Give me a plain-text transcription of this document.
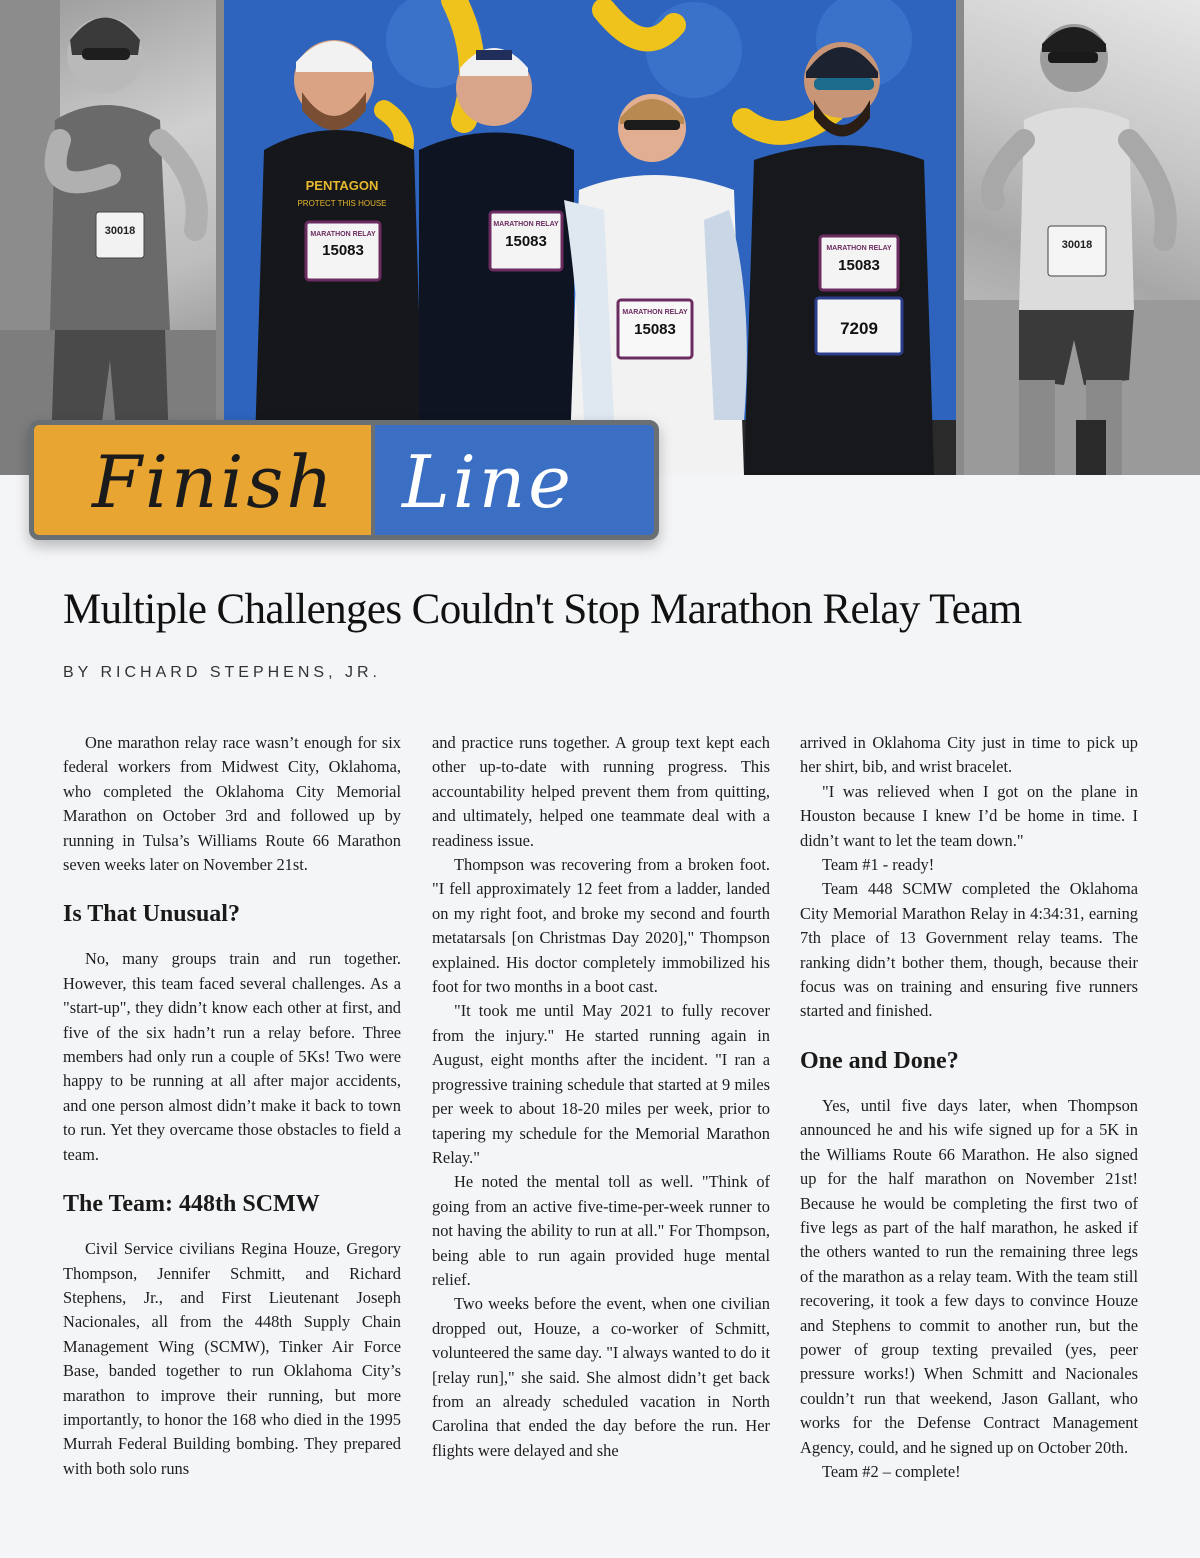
30018
PENTAGON
PROTECT THIS HOUSE
MARATHON RELAY
15083
MARATHON RELAY
15083
MARATHON RELAY
15083
MARATHON RELAY
15083
7209
30018
Finish Line
Multiple Challenges Couldn't Stop Marathon Relay Team

BY RICHARD STEPHENS, JR.

One marathon relay race wasn’t enough for six federal workers from Midwest City, Oklahoma, who completed the Oklahoma City Memorial Marathon on October 3rd and followed up by running in Tulsa’s Williams Route 66 Marathon seven weeks later on November 21st.

Is That Unusual?

No, many groups train and run together. However, this team faced several challenges. As a "start-up", they didn’t know each other at first, and five of the six hadn’t run a relay before. Three members had only run a couple of 5Ks! Two were happy to be running at all after major accidents, and one person almost didn’t make it back to town to run. Yet they overcame those obstacles to field a team.

The Team: 448th SCMW

Civil Service civilians Regina Houze, Gregory Thompson, Jennifer Schmitt, and Richard Stephens, Jr., and First Lieutenant Joseph Nacionales, all from the 448th Supply Chain Management Wing (SCMW), Tinker Air Force Base, banded together to run Oklahoma City’s marathon to improve their running, but more importantly, to honor the 168 who died in the 1995 Murrah Federal Building bombing. They prepared with both solo runs

and practice runs together. A group text kept each other up-to-date with running progress. This accountability helped prevent them from quitting, and ultimately, helped one teammate deal with a readiness issue.

Thompson was recovering from a broken foot. "I fell approximately 12 feet from a ladder, landed on my right foot, and broke my second and fourth metatarsals [on Christmas Day 2020]," Thompson explained. His doctor completely immobilized his foot for two months in a boot cast.

"It took me until May 2021 to fully recover from the injury." He started running again in August, eight months after the incident. "I ran a progressive training schedule that started at 9 miles per week to about 18-20 miles per week, prior to tapering my schedule for the Memorial Marathon Relay."

He noted the mental toll as well. "Think of going from an active five-time-per-week runner to not having the ability to run at all." For Thompson, being able to run again provided huge mental relief.

Two weeks before the event, when one civilian dropped out, Houze, a co-worker of Schmitt, volunteered the same day. "I always wanted to do it [relay run]," she said. She almost didn’t get back from an already scheduled vacation in North Carolina that ended the day before the run. Her flights were delayed and she

arrived in Oklahoma City just in time to pick up her shirt, bib, and wrist bracelet.

"I was relieved when I got on the plane in Houston because I knew I’d be home in time. I didn’t want to let the team down."

Team #1 - ready!

Team 448 SCMW completed the Oklahoma City Memorial Marathon Relay in 4:34:31, earning 7th place of 13 Government relay teams. The ranking didn’t bother them, though, because their focus was on training and ensuring five runners started and finished.

One and Done?

Yes, until five days later, when Thompson announced he and his wife signed up for a 5K in the Williams Route 66 Marathon. He also signed up for the half marathon on November 21st! Because he would be completing the first two of five legs as part of the half marathon, he asked if the others wanted to run the remaining three legs of the marathon as a relay team. With the team still recovering, it took a few days to convince Houze and Stephens to commit to another run, but the power of group texting prevailed (yes, peer pressure works!) When Schmitt and Nacionales couldn’t run that weekend, Jason Gallant, who works for the Defense Contract Management Agency, could, and he signed up on October 20th.

Team #2 – complete!
